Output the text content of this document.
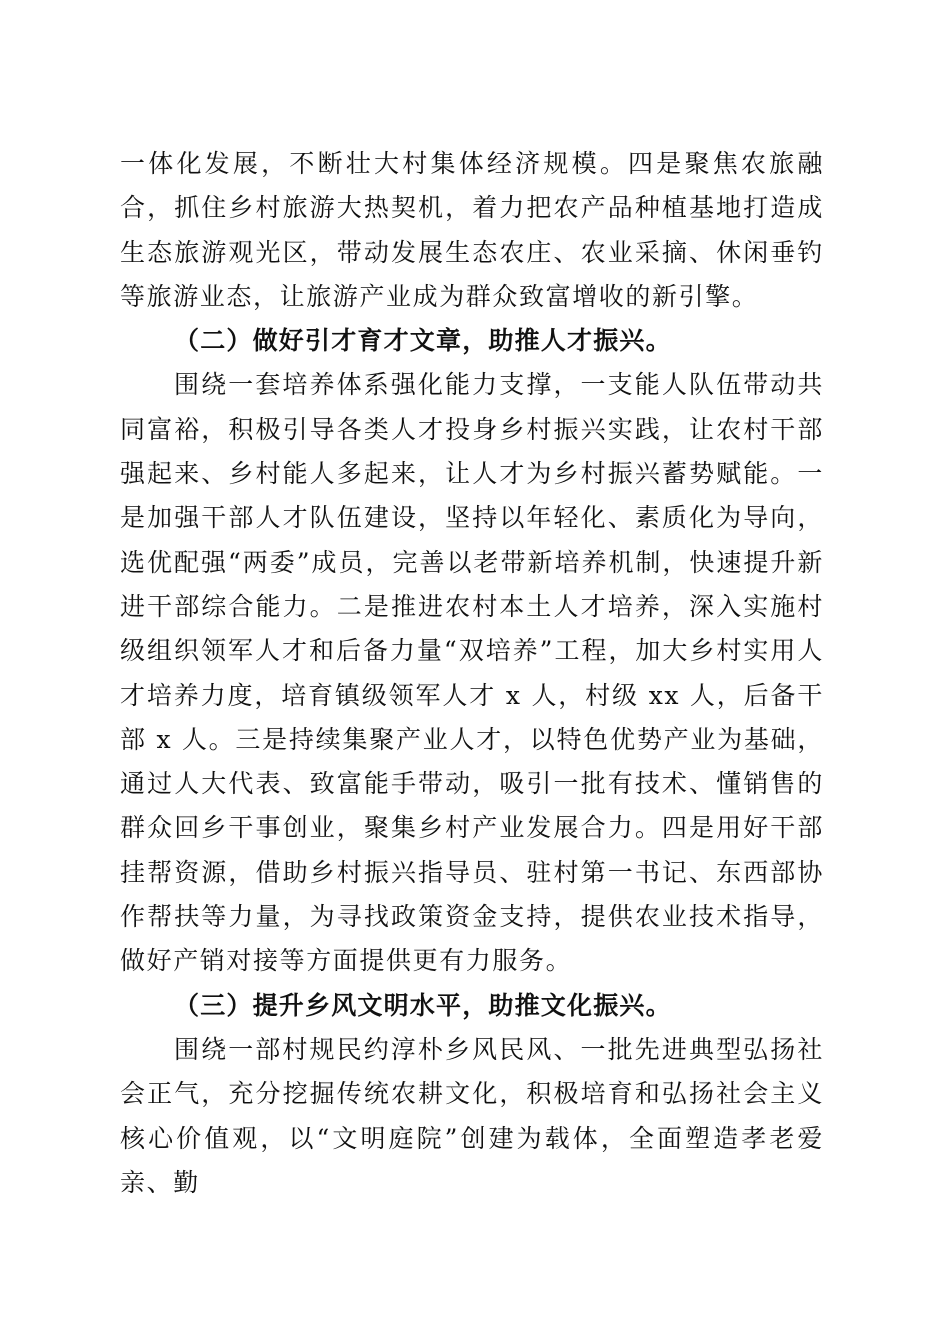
一体化发展，不断壮大村集体经济规模。四是聚焦农旅融合，抓住乡村旅游大热契机，着力把农产品种植基地打造成生态旅游观光区，带动发展生态农庄、农业采摘、休闲垂钓等旅游业态，让旅游产业成为群众致富增收的新引擎。

（二）做好引才育才文章，助推人才振兴。

围绕一套培养体系强化能力支撑，一支能人队伍带动共同富裕，积极引导各类人才投身乡村振兴实践，让农村干部强起来、乡村能人多起来，让人才为乡村振兴蓄势赋能。一是加强干部人才队伍建设，坚持以年轻化、素质化为导向，选优配强“两委”成员，完善以老带新培养机制，快速提升新进干部综合能力。二是推进农村本土人才培养，深入实施村级组织领军人才和后备力量“双培养”工程，加大乡村实用人才培养力度，培育镇级领军人才 x 人，村级 xx 人，后备干部 x 人。三是持续集聚产业人才，以特色优势产业为基础，通过人大代表、致富能手带动，吸引一批有技术、懂销售的群众回乡干事创业，聚集乡村产业发展合力。四是用好干部挂帮资源，借助乡村振兴指导员、驻村第一书记、东西部协作帮扶等力量，为寻找政策资金支持，提供农业技术指导，做好产销对接等方面提供更有力服务。

（三）提升乡风文明水平，助推文化振兴。

围绕一部村规民约淳朴乡风民风、一批先进典型弘扬社会正气，充分挖掘传统农耕文化，积极培育和弘扬社会主义核心价值观，以“文明庭院”创建为载体，全面塑造孝老爱亲、勤
